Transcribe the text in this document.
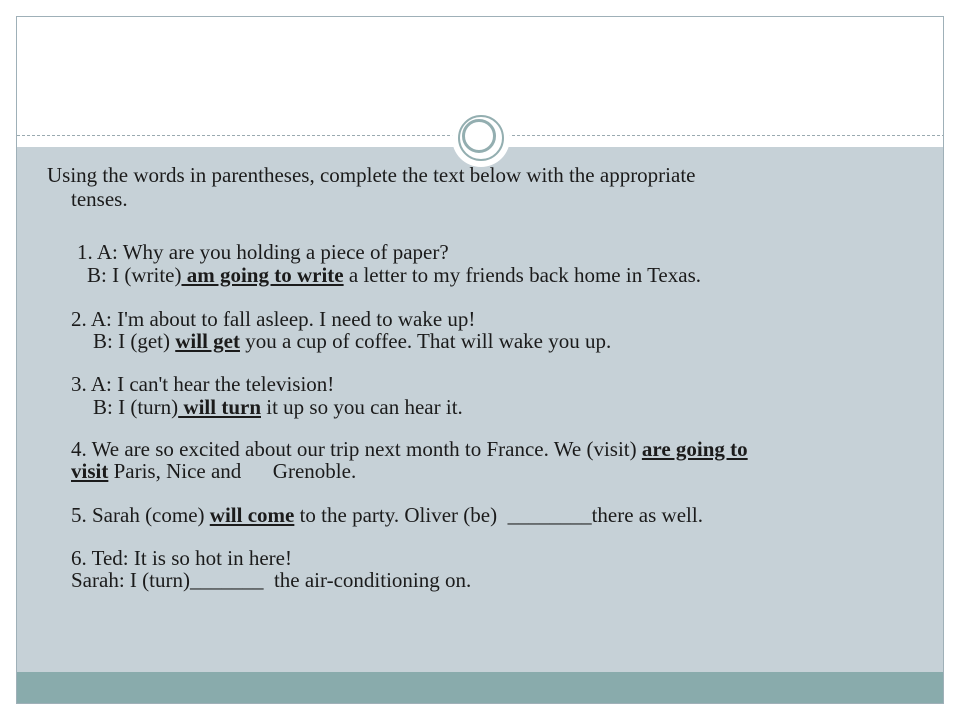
Using the words in parentheses, complete the text below with the appropriate
tenses.
1. A: Why are you holding a piece of paper?
B: I (write) am going to write a letter to my friends back home in Texas.
2. A: I'm about to fall asleep. I need to wake up!
B: I (get) will get you a cup of coffee. That will wake you up.
3. A: I can't hear the television!
B: I (turn) will turn it up so you can hear it.
4. We are so excited about our trip next month to France. We (visit) are going to
visit Paris, Nice and      Grenoble.
5. Sarah (come) will come to the party. Oliver (be)  ________there as well.
6. Ted: It is so hot in here!
Sarah: I (turn)_______  the air-conditioning on.
